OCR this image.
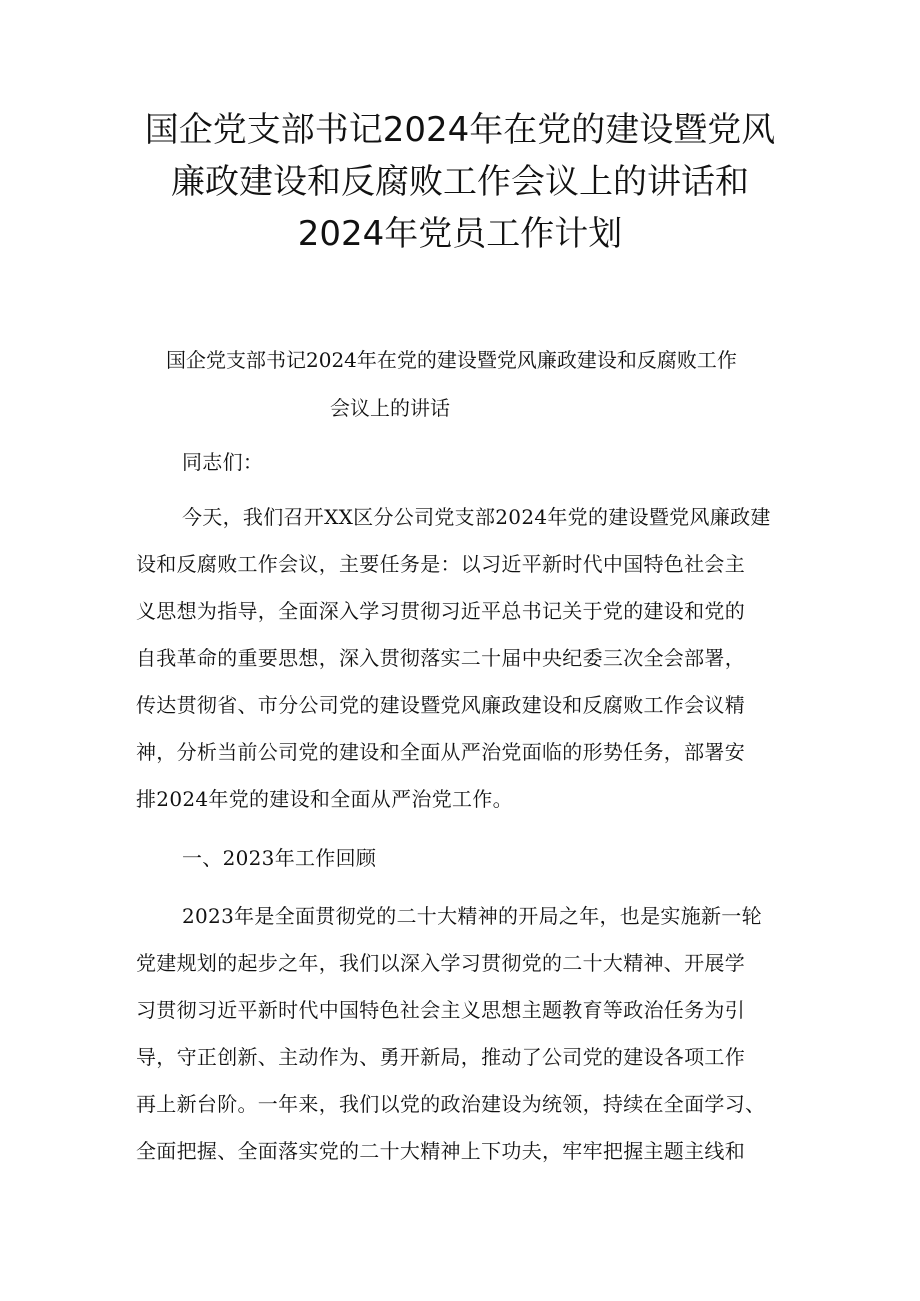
国企党支部书记2024年在党的建设暨党风
廉政建设和反腐败工作会议上的讲话和
2024年党员工作计划
国企党支部书记2024年在党的建设暨党风廉政建设和反腐败工作
会议上的讲话
同志们：
今天，我们召开XX区分公司党支部2024年党的建设暨党风廉政建
设和反腐败工作会议，主要任务是：以习近平新时代中国特色社会主
义思想为指导，全面深入学习贯彻习近平总书记关于党的建设和党的
自我革命的重要思想，深入贯彻落实二十届中央纪委三次全会部署，
传达贯彻省、市分公司党的建设暨党风廉政建设和反腐败工作会议精
神，分析当前公司党的建设和全面从严治党面临的形势任务，部署安
排2024年党的建设和全面从严治党工作。
一、2023年工作回顾
2023年是全面贯彻党的二十大精神的开局之年，也是实施新一轮
党建规划的起步之年，我们以深入学习贯彻党的二十大精神、开展学
习贯彻习近平新时代中国特色社会主义思想主题教育等政治任务为引
导，守正创新、主动作为、勇开新局，推动了公司党的建设各项工作
再上新台阶。一年来，我们以党的政治建设为统领，持续在全面学习、
全面把握、全面落实党的二十大精神上下功夫，牢牢把握主题主线和
